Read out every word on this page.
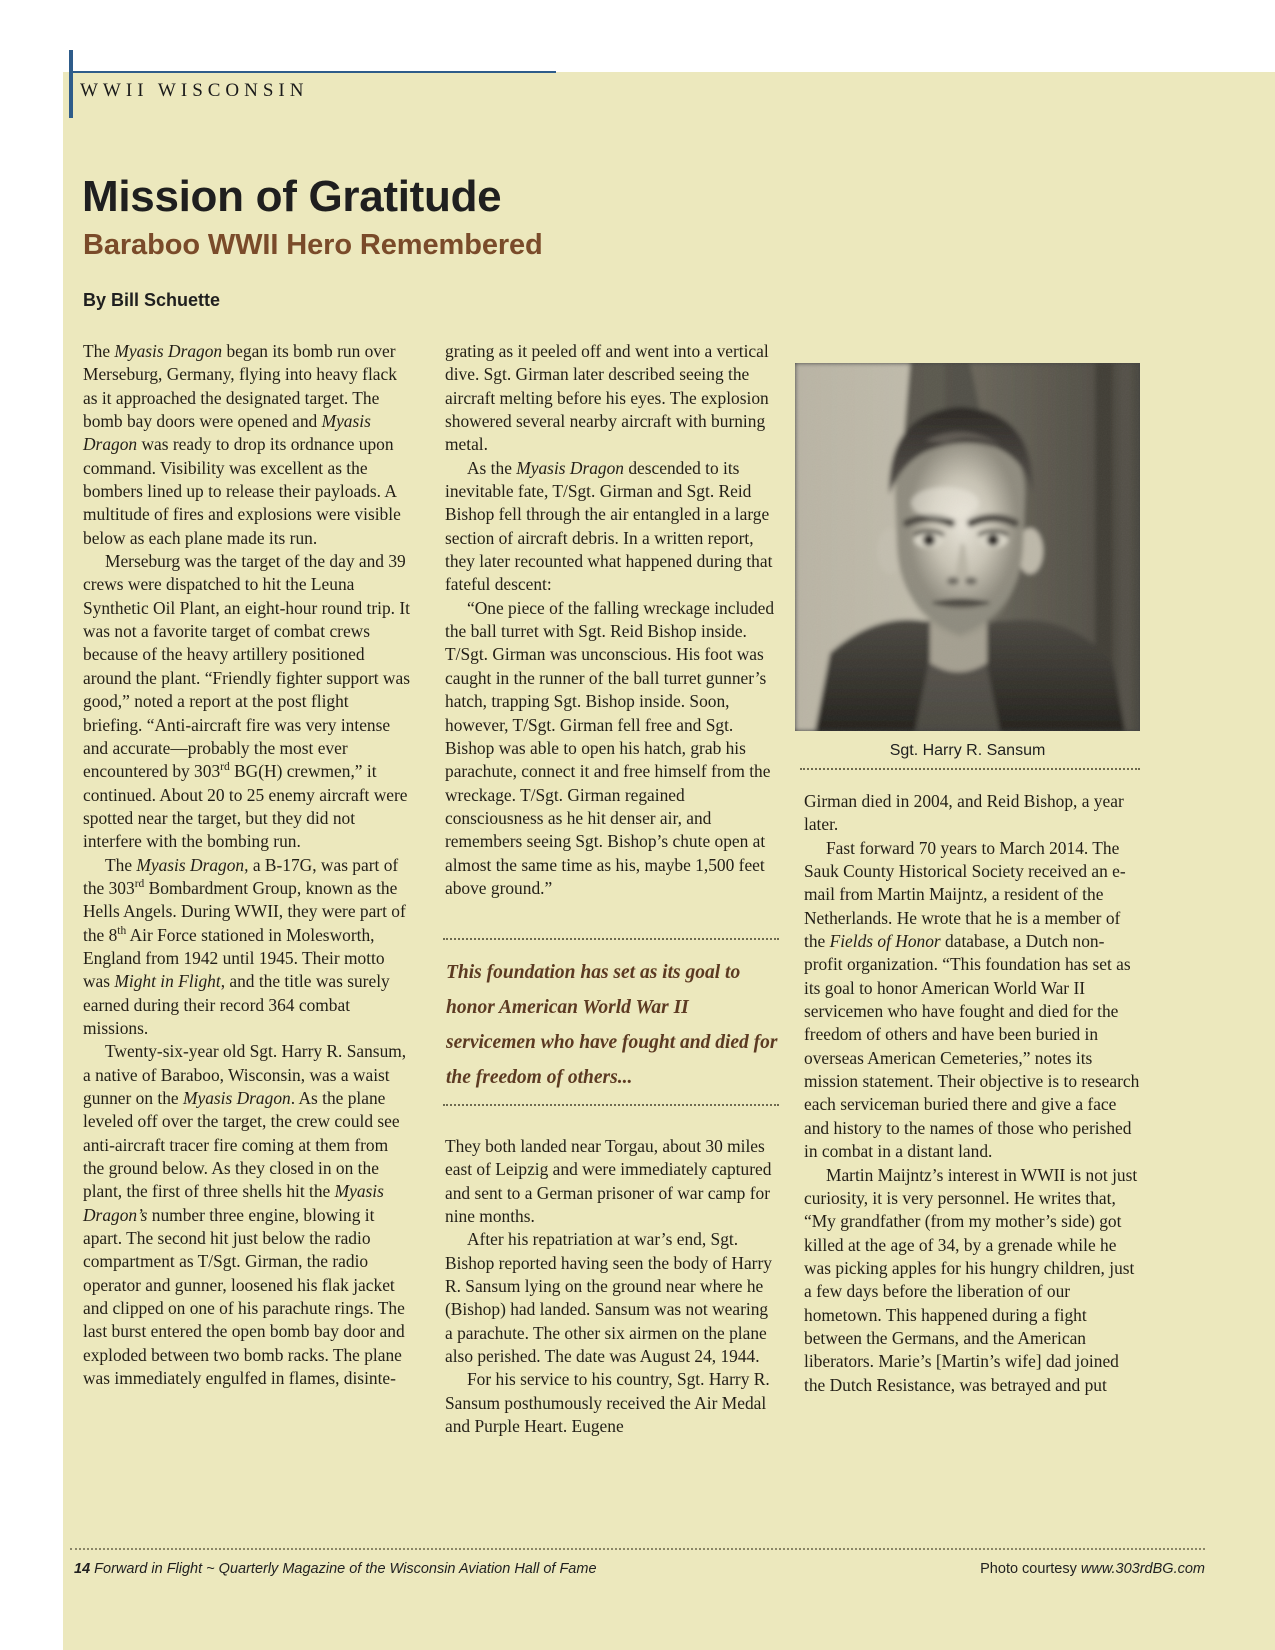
WWII WISCONSIN
Mission of Gratitude
Baraboo WWII Hero Remembered
By Bill Schuette

The Myasis Dragon began its bomb run over Merseburg, Germany, flying into heavy flack as it approached the designated target. The bomb bay doors were opened and Myasis Dragon was ready to drop its ordnance upon command. Visibility was excellent as the bombers lined up to release their payloads. A multitude of fires and explosions were visible below as each plane made its run.

Merseburg was the target of the day and 39 crews were dispatched to hit the Leuna Synthetic Oil Plant, an eight-hour round trip. It was not a favorite target of combat crews because of the heavy artillery positioned around the plant. “Friendly fighter support was good,” noted a report at the post flight briefing. “Anti-aircraft fire was very intense and accurate—probably the most ever encountered by 303rd BG(H) crewmen,” it continued. About 20 to 25 enemy aircraft were spotted near the target, but they did not interfere with the bombing run.

The Myasis Dragon, a B-17G, was part of the 303rd Bombardment Group, known as the Hells Angels. During WWII, they were part of the 8th Air Force stationed in Molesworth, England from 1942 until 1945. Their motto was Might in Flight, and the title was surely earned during their record 364 combat missions.

Twenty-six-year old Sgt. Harry R. Sansum, a native of Baraboo, Wisconsin, was a waist gunner on the Myasis Dragon. As the plane leveled off over the target, the crew could see anti-aircraft tracer fire coming at them from the ground below. As they closed in on the plant, the first of three shells hit the Myasis Dragon’s number three engine, blowing it apart. The second hit just below the radio compartment as T/Sgt. Girman, the radio operator and gunner, loosened his flak jacket and clipped on one of his parachute rings. The last burst entered the open bomb bay door and exploded between two bomb racks. The plane was immediately engulfed in flames, disinte-

grating as it peeled off and went into a vertical dive. Sgt. Girman later described seeing the aircraft melting before his eyes. The explosion showered several nearby aircraft with burning metal.

As the Myasis Dragon descended to its inevitable fate, T/Sgt. Girman and Sgt. Reid Bishop fell through the air entangled in a large section of aircraft debris. In a written report, they later recounted what happened during that fateful descent:

“One piece of the falling wreckage included the ball turret with Sgt. Reid Bishop inside. T/Sgt. Girman was unconscious. His foot was caught in the runner of the ball turret gunner’s hatch, trapping Sgt. Bishop inside. Soon, however, T/Sgt. Girman fell free and Sgt. Bishop was able to open his hatch, grab his parachute, connect it and free himself from the wreckage. T/Sgt. Girman regained consciousness as he hit denser air, and remembers seeing Sgt. Bishop’s chute open at almost the same time as his, maybe 1,500 feet above ground.”

This foundation has set as its goal to honor American World War II servicemen who have fought and died for the freedom of others...

They both landed near Torgau, about 30 miles east of Leipzig and were immediately captured and sent to a German prisoner of war camp for nine months.

After his repatriation at war’s end, Sgt. Bishop reported having seen the body of Harry R. Sansum lying on the ground near where he (Bishop) had landed. Sansum was not wearing a parachute. The other six airmen on the plane also perished. The date was August 24, 1944.

For his service to his country, Sgt. Harry R. Sansum posthumously received the Air Medal and Purple Heart. Eugene

Sgt. Harry R. Sansum

Girman died in 2004, and Reid Bishop, a year later.

Fast forward 70 years to March 2014. The Sauk County Historical Society received an e-mail from Martin Maijntz, a resident of the Netherlands. He wrote that he is a member of the Fields of Honor database, a Dutch non-profit organization. “This foundation has set as its goal to honor American World War II servicemen who have fought and died for the freedom of others and have been buried in overseas American Cemeteries,” notes its mission statement. Their objective is to research each serviceman buried there and give a face and history to the names of those who perished in combat in a distant land.

Martin Maijntz’s interest in WWII is not just curiosity, it is very personnel. He writes that, “My grandfather (from my mother’s side) got killed at the age of 34, by a grenade while he was picking apples for his hungry children, just a few days before the liberation of our hometown. This happened during a fight between the Germans, and the American liberators. Marie’s [Martin’s wife] dad joined the Dutch Resistance, was betrayed and put

14 Forward in Flight ~ Quarterly Magazine of the Wisconsin Aviation Hall of Fame	Photo courtesy www.303rdBG.com
